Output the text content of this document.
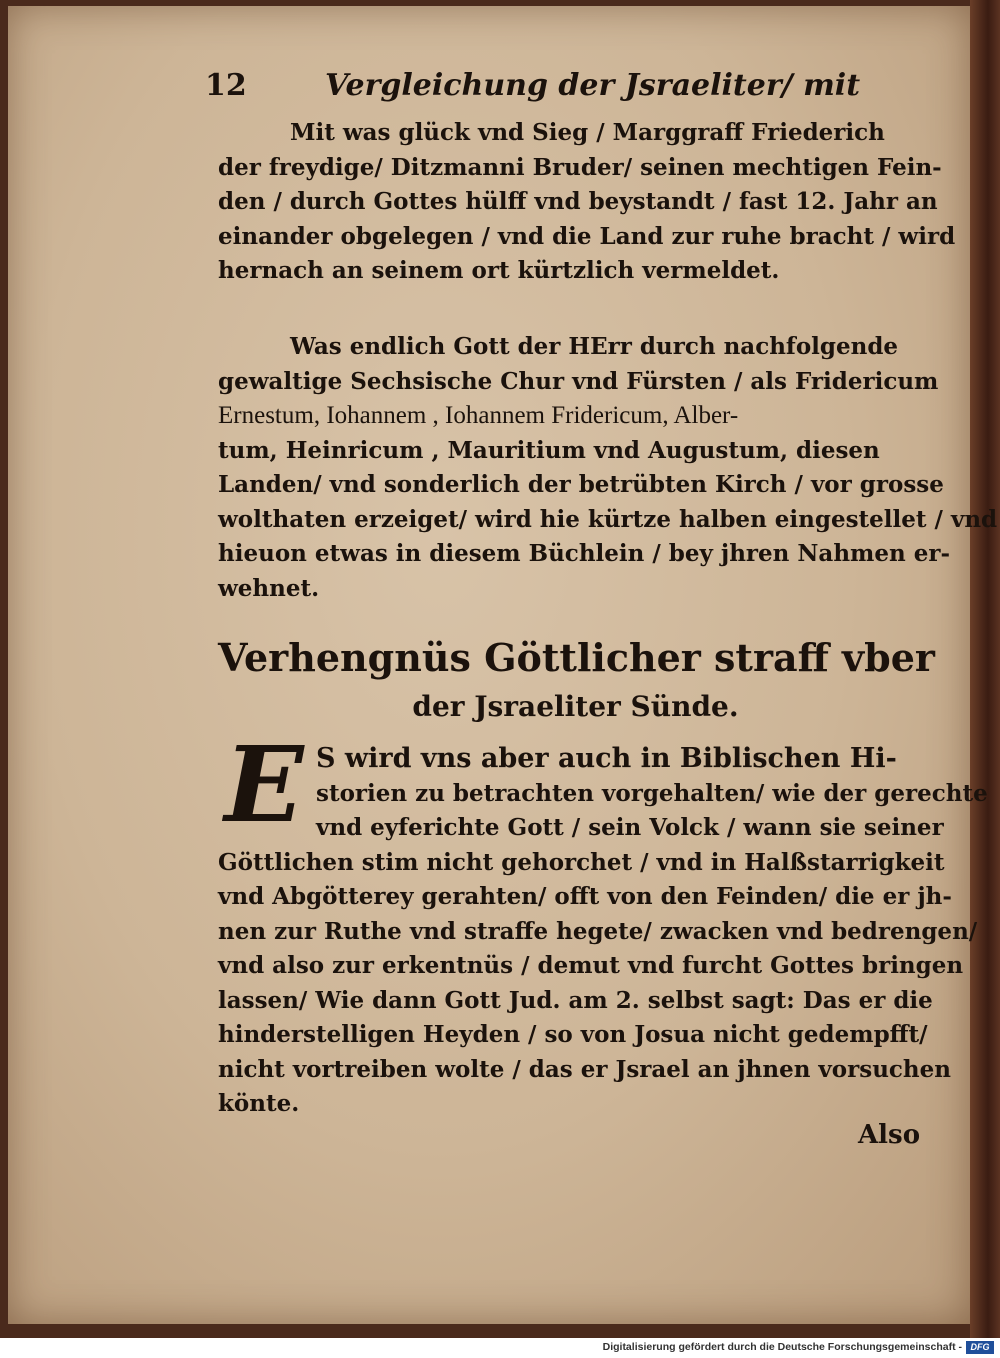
12	Vergleichung der Jsraeliter/ mit
Mit was glück vnd Sieg / Marggraff Friederich
der freydige/ Ditzmanni Bruder/ seinen mechtigen Fein-
den / durch Gottes hülff vnd beystandt / fast 12. Jahr an
einander obgelegen / vnd die Land zur ruhe bracht / wird
hernach an seinem ort kürtzlich vermeldet.
Was endlich Gott der HErr durch nachfolgende
gewaltige Sechsische Chur vnd Fürsten / als Fridericum
Ernestum, Iohannem , Iohannem Fridericum, Alber-
tum, Heinricum , Mauritium vnd Augustum, diesen
Landen/ vnd sonderlich der betrübten Kirch / vor grosse
wolthaten erzeiget/ wird hie kürtze halben eingestellet / vnd
hieuon etwas in diesem Büchlein / bey jhren Nahmen er-
wehnet.
Verhengnüs Göttlicher straff vber
der Jsraeliter Sünde.
E S wird vns aber auch in Biblischen Hi-
storien zu betrachten vorgehalten/ wie der gerechte
vnd eyferichte Gott / sein Volck / wann sie seiner
Göttlichen stim nicht gehorchet / vnd in Halßstarrigkeit
vnd Abgötterey gerahten/ offt von den Feinden/ die er jh-
nen zur Ruthe vnd straffe hegete/ zwacken vnd bedrengen/
vnd also zur erkentnüs / demut vnd furcht Gottes bringen
lassen/ Wie dann Gott Jud. am 2. selbst sagt: Das er die
hinderstelligen Heyden / so von Josua nicht gedempfft/
nicht vortreiben wolte / das er Jsrael an jhnen vorsuchen
könte.
Also
Digitalisierung gefördert durch die Deutsche Forschungsgemeinschaft - DFG
